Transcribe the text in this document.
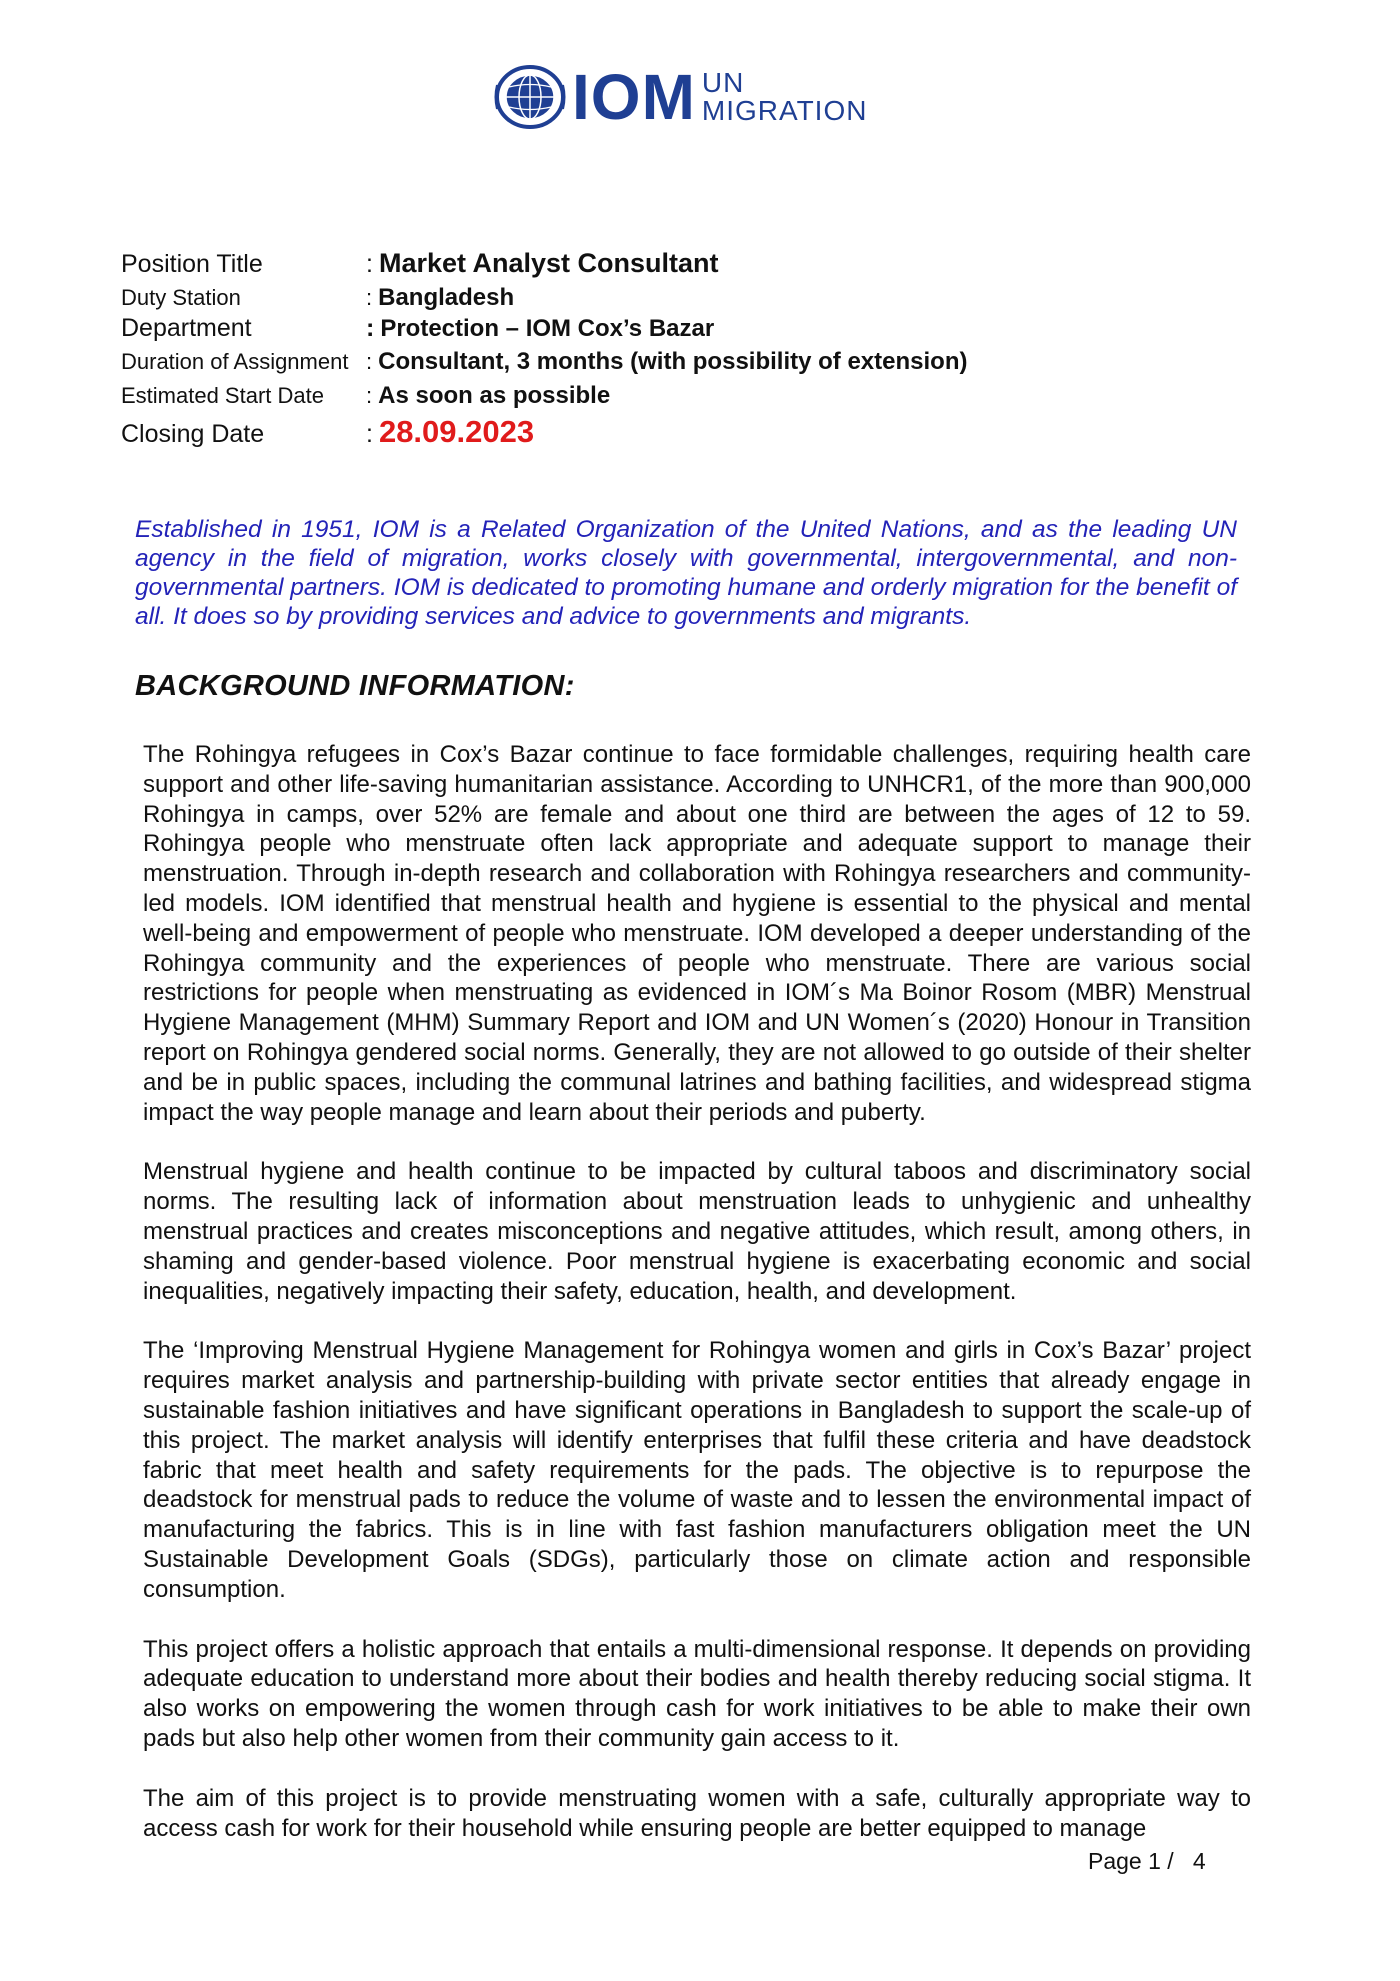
IOM UN
MIGRATION
Position Title	: Market Analyst Consultant
Duty Station	: Bangladesh
Department	: Protection – IOM Cox’s Bazar
Duration of Assignment : Consultant, 3 months (with possibility of extension)
Estimated Start Date	: As soon as possible
Closing Date	: 28.09.2023

Established in 1951, IOM is a Related Organization of the United Nations, and as the leading UN agency in the field of migration, works closely with governmental, intergovernmental, and non-governmental partners. IOM is dedicated to promoting humane and orderly migration for the benefit of all. It does so by providing services and advice to governments and migrants.

BACKGROUND INFORMATION:

The Rohingya refugees in Cox’s Bazar continue to face formidable challenges, requiring health care support and other life-saving humanitarian assistance. According to UNHCR1, of the more than 900,000 Rohingya in camps, over 52% are female and about one third are between the ages of 12 to 59. Rohingya people who menstruate often lack appropriate and adequate support to manage their menstruation. Through in-depth research and collaboration with Rohingya researchers and community-led models. IOM identified that menstrual health and hygiene is essential to the physical and mental well-being and empowerment of people who menstruate. IOM developed a deeper understanding of the Rohingya community and the experiences of people who menstruate. There are various social restrictions for people when menstruating as evidenced in IOM´s Ma Boinor Rosom (MBR) Menstrual Hygiene Management (MHM) Summary Report and IOM and UN Women´s (2020) Honour in Transition report on Rohingya gendered social norms. Generally, they are not allowed to go outside of their shelter and be in public spaces, including the communal latrines and bathing facilities, and widespread stigma impact the way people manage and learn about their periods and puberty.

Menstrual hygiene and health continue to be impacted by cultural taboos and discriminatory social norms. The resulting lack of information about menstruation leads to unhygienic and unhealthy menstrual practices and creates misconceptions and negative attitudes, which result, among others, in shaming and gender-based violence. Poor menstrual hygiene is exacerbating economic and social inequalities, negatively impacting their safety, education, health, and development.

The ‘Improving Menstrual Hygiene Management for Rohingya women and girls in Cox’s Bazar’ project requires market analysis and partnership-building with private sector entities that already engage in sustainable fashion initiatives and have significant operations in Bangladesh to support the scale-up of this project. The market analysis will identify enterprises that fulfil these criteria and have deadstock fabric that meet health and safety requirements for the pads. The objective is to repurpose the deadstock for menstrual pads to reduce the volume of waste and to lessen the environmental impact of manufacturing the fabrics. This is in line with fast fashion manufacturers obligation meet the UN Sustainable Development Goals (SDGs), particularly those on climate action and responsible consumption.

This project offers a holistic approach that entails a multi-dimensional response. It depends on providing adequate education to understand more about their bodies and health thereby reducing social stigma. It also works on empowering the women through cash for work initiatives to be able to make their own pads but also help other women from their community gain access to it.

The aim of this project is to provide menstruating women with a safe, culturally appropriate way to access cash for work for their household while ensuring people are better equipped to manage

Page 1 /   4
